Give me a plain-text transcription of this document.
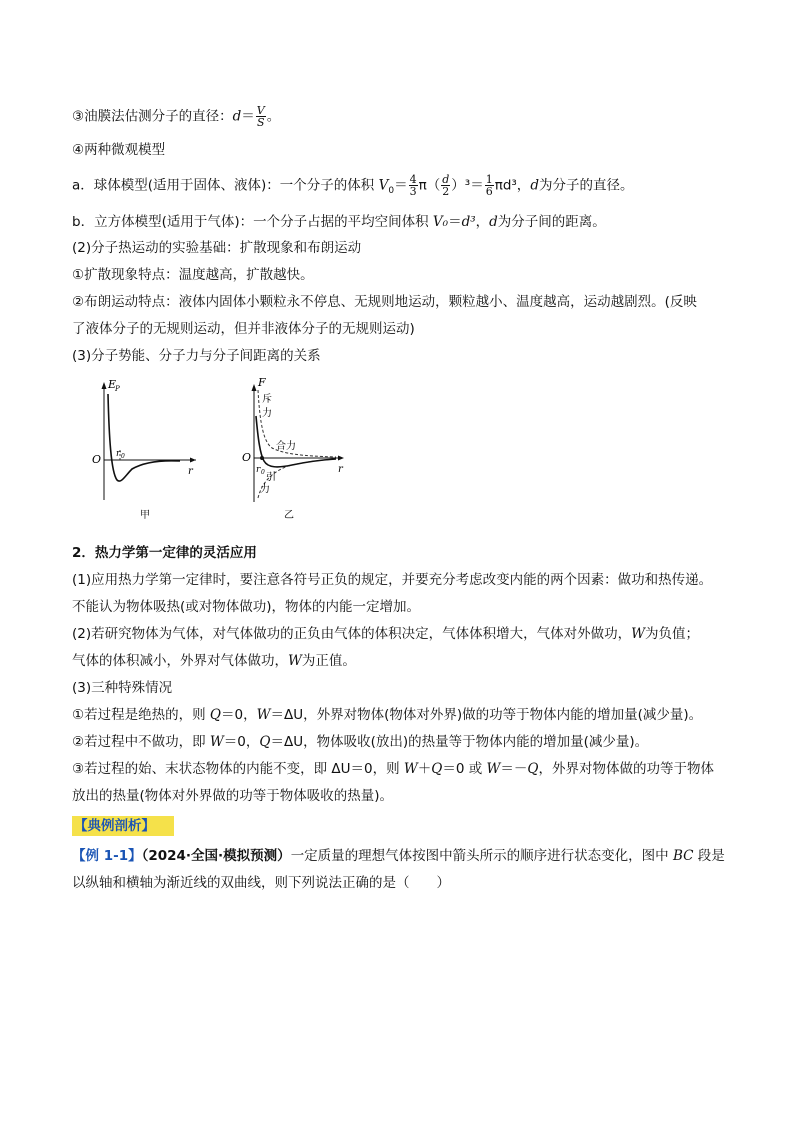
③油膜法估测分子的直径：$d= \frac{V}{S}$ 。
④两种微观模型
a．球体模型(适用于固体、液体)：一个分子的体积 $V_0= \frac{4}{3} \pi( \frac{d}{2} )^3= \frac{1}{6} \pi d^3$，d为分子的直径。
b．立方体模型(适用于气体)：一个分子占据的平均空间体积 V₀＝d³，d为分子间的距离。
(2)分子热运动的实验基础：扩散现象和布朗运动
①扩散现象特点：温度越高，扩散越快。
②布朗运动特点：液体内固体小颗粒永不停息、无规则地运动，颗粒越小、温度越高，运动越剧烈。(反映
了液体分子的无规则运动，但并非液体分子的无规则运动)
(3)分子势能、分子力与分子间距离的关系
E
P
O r 0
r
甲
F
O
r 0	r
斥
力
合力
引
力
乙
2．热力学第一定律的灵活应用
(1)应用热力学第一定律时，要注意各符号正负的规定，并要充分考虑改变内能的两个因素：做功和热传递。
不能认为物体吸热(或对物体做功)，物体的内能一定增加。
(2)若研究物体为气体，对气体做功的正负由气体的体积决定，气体体积增大，气体对外做功，W为负值；
气体的体积减小，外界对气体做功，W为正值。
(3)三种特殊情况
①若过程是绝热的，则 Q＝0，W＝ΔU，外界对物体(物体对外界)做的功等于物体内能的增加量(减少量)。
②若过程中不做功，即 W＝0，Q＝ΔU，物体吸收(放出)的热量等于物体内能的增加量(减少量)。
③若过程的始、末状态物体的内能不变，即 ΔU＝0，则 W＋Q＝0 或 W＝－Q，外界对物体做的功等于物体
放出的热量(物体对外界做的功等于物体吸收的热量)。
【典例剖析】
【例 1-1】（2024·全国·模拟预测）一定质量的理想气体按图中箭头所示的顺序进行状态变化，图中 BC 段是
以纵轴和横轴为渐近线的双曲线，则下列说法正确的是（　　）
